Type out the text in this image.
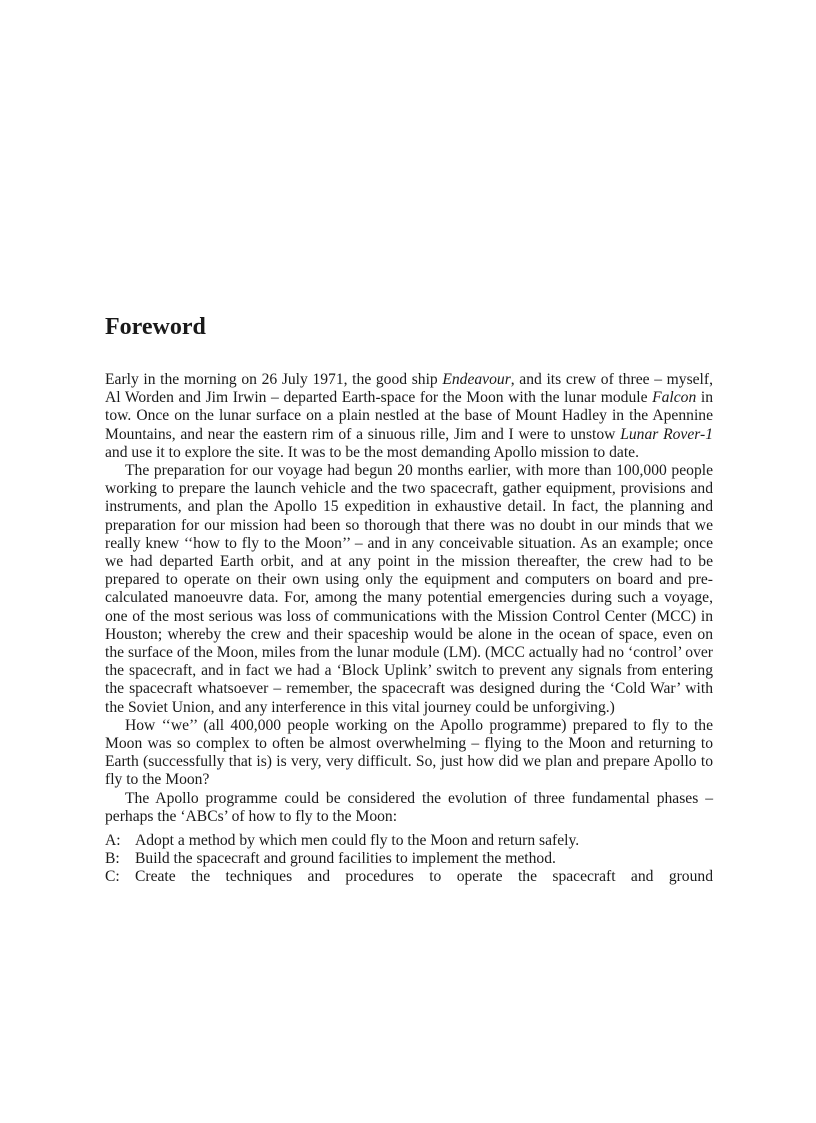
Foreword

Early in the morning on 26 July 1971, the good ship Endeavour, and its crew of three – myself, Al Worden and Jim Irwin – departed Earth-space for the Moon with the lunar module Falcon in tow. Once on the lunar surface on a plain nestled at the base of Mount Hadley in the Apennine Mountains, and near the eastern rim of a sinuous rille, Jim and I were to unstow Lunar Rover-1 and use it to explore the site. It was to be the most demanding Apollo mission to date.

The preparation for our voyage had begun 20 months earlier, with more than 100,000 people working to prepare the launch vehicle and the two spacecraft, gather equipment, provisions and instruments, and plan the Apollo 15 expedition in exhaustive detail. In fact, the planning and preparation for our mission had been so thorough that there was no doubt in our minds that we really knew ‘‘how to fly to the Moon’’ – and in any conceivable situation. As an example; once we had departed Earth orbit, and at any point in the mission thereafter, the crew had to be prepared to operate on their own using only the equipment and computers on board and pre-calculated manoeuvre data. For, among the many potential emergencies during such a voyage, one of the most serious was loss of communications with the Mission Control Center (MCC) in Houston; whereby the crew and their spaceship would be alone in the ocean of space, even on the surface of the Moon, miles from the lunar module (LM). (MCC actually had no ‘control’ over the spacecraft, and in fact we had a ‘Block Uplink’ switch to prevent any signals from entering the spacecraft whatsoever – remember, the spacecraft was designed during the ‘Cold War’ with the Soviet Union, and any interference in this vital journey could be unforgiving.)

How ‘‘we’’ (all 400,000 people working on the Apollo programme) prepared to fly to the Moon was so complex to often be almost overwhelming – flying to the Moon and returning to Earth (successfully that is) is very, very difficult. So, just how did we plan and prepare Apollo to fly to the Moon?

The Apollo programme could be considered the evolution of three fundamental phases – perhaps the ‘ABCs’ of how to fly to the Moon:

A: Adopt a method by which men could fly to the Moon and return safely.
B: Build the spacecraft and ground facilities to implement the method.
C: Create the techniques and procedures to operate the spacecraft and ground
